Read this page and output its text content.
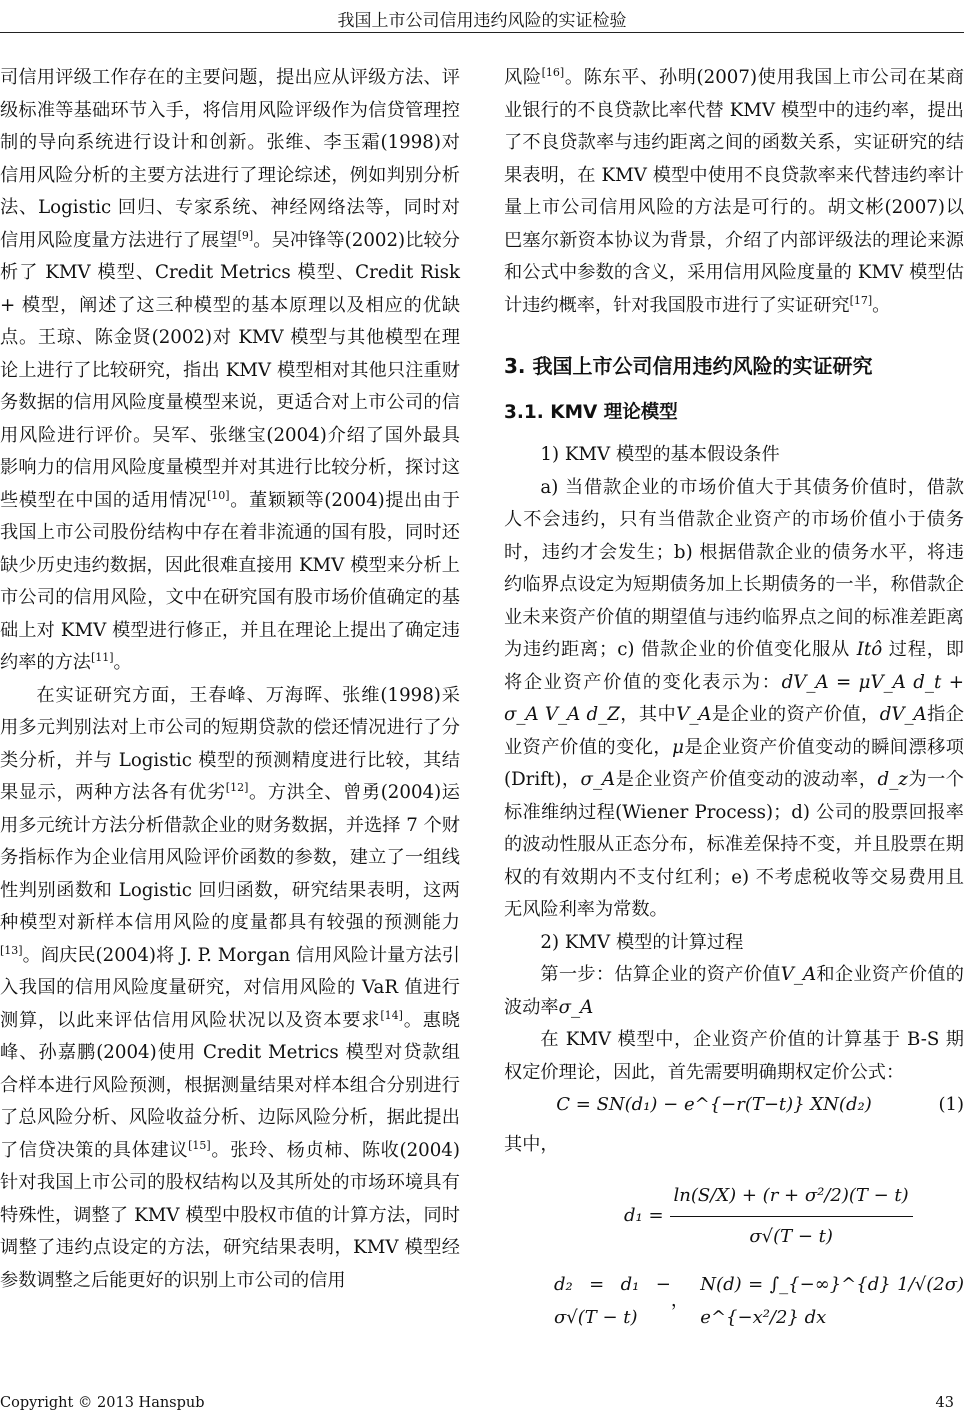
我国上市公司信用违约风险的实证检验

司信用评级工作存在的主要问题，提出应从评级方法、评级标准等基础环节入手，将信用风险评级作为信贷管理控制的导向系统进行设计和创新。张维、李玉霜(1998)对信用风险分析的主要方法进行了理论综述，例如判别分析法、Logistic 回归、专家系统、神经网络法等，同时对信用风险度量方法进行了展望[9]。吴冲锋等(2002)比较分析了 KMV 模型、Credit Metrics 模型、Credit Risk + 模型，阐述了这三种模型的基本原理以及相应的优缺点。王琼、陈金贤(2002)对 KMV 模型与其他模型在理论上进行了比较研究，指出 KMV 模型相对其他只注重财务数据的信用风险度量模型来说，更适合对上市公司的信用风险进行评价。吴军、张继宝(2004)介绍了国外最具影响力的信用风险度量模型并对其进行比较分析，探讨这些模型在中国的适用情况[10]。董颖颖等(2004)提出由于我国上市公司股份结构中存在着非流通的国有股，同时还缺少历史违约数据，因此很难直接用 KMV 模型来分析上市公司的信用风险，文中在研究国有股市场价值确定的基础上对 KMV 模型进行修正，并且在理论上提出了确定违约率的方法[11]。

在实证研究方面，王春峰、万海晖、张维(1998)采用多元判别法对上市公司的短期贷款的偿还情况进行了分类分析，并与 Logistic 模型的预测精度进行比较，其结果显示，两种方法各有优劣[12]。方洪全、曾勇(2004)运用多元统计方法分析借款企业的财务数据，并选择 7 个财务指标作为企业信用风险评价函数的参数，建立了一组线性判别函数和 Logistic 回归函数，研究结果表明，这两种模型对新样本信用风险的度量都具有较强的预测能力[13]。阎庆民(2004)将 J. P. Morgan 信用风险计量方法引入我国的信用风险度量研究，对信用风险的 VaR 值进行测算，以此来评估信用风险状况以及资本要求[14]。惠晓峰、孙嘉鹏(2004)使用 Credit Metrics 模型对贷款组合样本进行风险预测，根据测量结果对样本组合分别进行了总风险分析、风险收益分析、边际风险分析，据此提出了信贷决策的具体建议[15]。张玲、杨贞柿、陈收(2004)针对我国上市公司的股权结构以及其所处的市场环境具有特殊性，调整了 KMV 模型中股权市值的计算方法，同时调整了违约点设定的方法，研究结果表明，KMV 模型经参数调整之后能更好的识别上市公司的信用

风险[16]。陈东平、孙明(2007)使用我国上市公司在某商业银行的不良贷款比率代替 KMV 模型中的违约率，提出了不良贷款率与违约距离之间的函数关系，实证研究的结果表明，在 KMV 模型中使用不良贷款率来代替违约率计量上市公司信用风险的方法是可行的。胡文彬(2007)以巴塞尔新资本协议为背景，介绍了内部评级法的理论来源和公式中参数的含义，采用信用风险度量的 KMV 模型估计违约概率，针对我国股市进行了实证研究[17]。

3. 我国上市公司信用违约风险的实证研究

3.1. KMV 理论模型

1) KMV 模型的基本假设条件

a) 当借款企业的市场价值大于其债务价值时，借款人不会违约，只有当借款企业资产的市场价值小于债务时，违约才会发生；b) 根据借款企业的债务水平，将违约临界点设定为短期债务加上长期债务的一半，称借款企业未来资产价值的期望值与违约临界点之间的标准差距离为违约距离；c) 借款企业的价值变化服从 Itô 过程，即将企业资产价值的变化表示为：dV_A = μV_A d_t + σ_A V_A d_Z，其中V_A是企业的资产价值，dV_A指企业资产价值的变化，μ是企业资产价值变动的瞬间漂移项(Drift)，σ_A是企业资产价值变动的波动率，d_z为一个标准维纳过程(Wiener Process)；d) 公司的股票回报率的波动性服从正态分布，标准差保持不变，并且股票在期权的有效期内不支付红利；e) 不考虑税收等交易费用且无风险利率为常数。

2) KMV 模型的计算过程

第一步：估算企业的资产价值V_A和企业资产价值的波动率σ_A

在 KMV 模型中，企业资产价值的计算基于 B-S 期权定价理论，因此，首先需要明确期权定价公式：

C = SN(d₁) − e^{−r(T−t)} XN(d₂)	(1)

其中，

$d_1 = \frac{\text{ln(S/X) + (r + σ²/2)(T − t)}}{\sigma√(T - t)}$
d₂ = d₁ − σ√(T − t)
，

N(d) = ∫_{−∞}^{d} 1/√(2σ) e^{−x²/2} dx
Copyright © 2013 Hanspub	43
